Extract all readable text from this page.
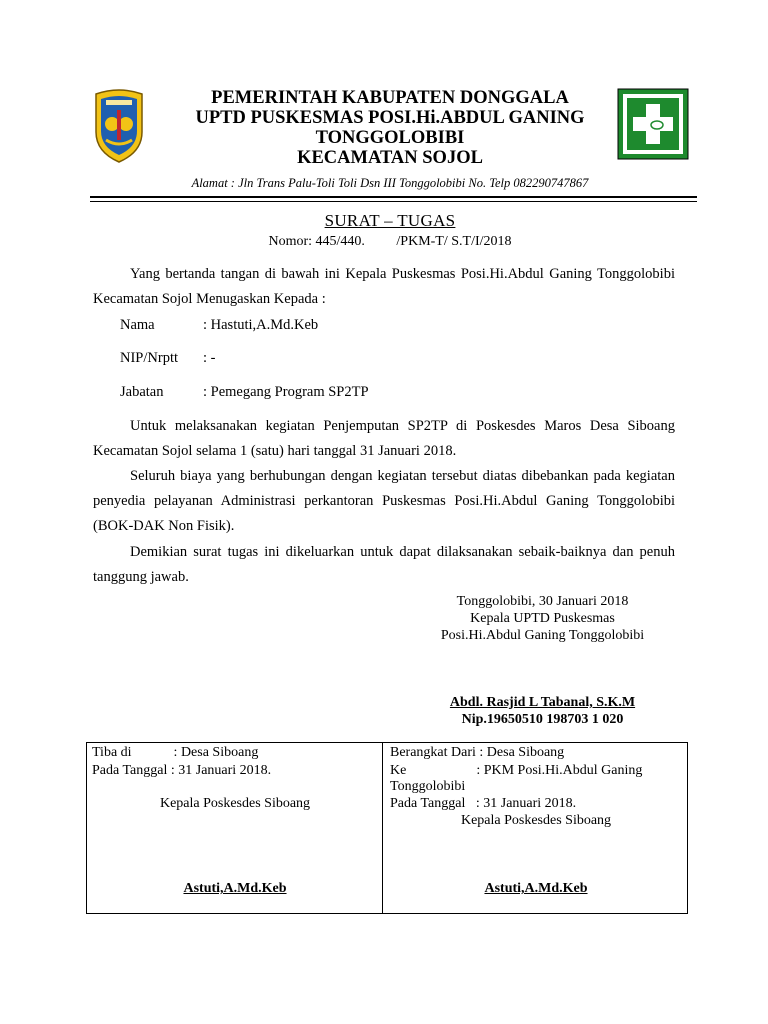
PEMERINTAH KABUPATEN DONGGALA
UPTD PUSKESMAS POSI.Hi.ABDUL GANING
TONGGOLOBIBI
KECAMATAN SOJOL
Alamat : Jln Trans Palu-Toli Toli Dsn III Tonggolobibi No. Telp 082290747867
SURAT – TUGAS
Nomor: 445/440.         /PKM-T/ S.T/I/2018
Yang bertanda tangan di bawah ini Kepala Puskesmas Posi.Hi.Abdul Ganing Tonggolobibi Kecamatan Sojol Menugaskan Kepada :
Nama	: Hastuti,A.Md.Keb
NIP/Nrptt : -
Jabatan	: Pemegang Program SP2TP
Untuk melaksanakan kegiatan Penjemputan SP2TP di Poskesdes Maros Desa Siboang Kecamatan Sojol selama 1 (satu) hari tanggal 31 Januari 2018.
Seluruh biaya yang berhubungan dengan kegiatan tersebut diatas dibebankan pada kegiatan penyedia pelayanan Administrasi perkantoran Puskesmas Posi.Hi.Abdul Ganing Tonggolobibi (BOK-DAK Non Fisik).
Demikian surat tugas ini dikeluarkan untuk dapat dilaksanakan sebaik-baiknya dan penuh tanggung jawab.
Tonggolobibi, 30 Januari 2018
Kepala UPTD Puskesmas
Posi.Hi.Abdul Ganing Tonggolobibi
Abdl. Rasjid L Tabanal, S.K.M
Nip.19650510 198703 1 020
Tiba di            : Desa Siboang
Pada Tanggal : 31 Januari 2018.
Kepala Poskesdes Siboang
Astuti,A.Md.Keb
Berangkat Dari : Desa Siboang
Ke                    : PKM Posi.Hi.Abdul Ganing
Tonggolobibi
Pada Tanggal   : 31 Januari 2018.
Kepala Poskesdes Siboang
Astuti,A.Md.Keb
